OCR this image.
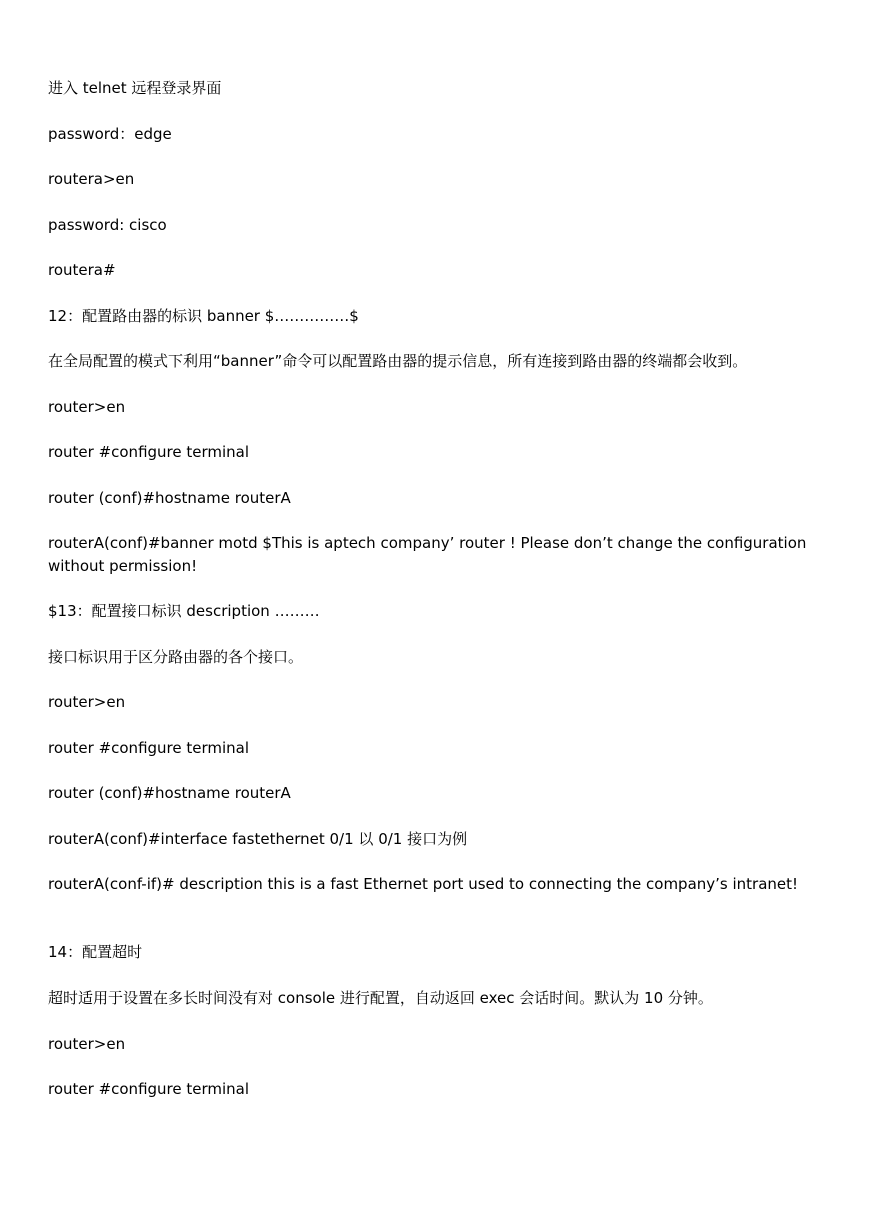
进入 telnet 远程登录界面
password：edge
routera>en
password: cisco
routera#
12：配置路由器的标识 banner $……………$
在全局配置的模式下利用“banner”命令可以配置路由器的提示信息，所有连接到路由器的终端都会收到。
router>en
router #configure terminal
router (conf)#hostname routerA
routerA(conf)#banner motd $This is aptech company’ router ! Please don’t change the configuration without permission!
$13：配置接口标识 description ………
接口标识用于区分路由器的各个接口。
router>en
router #configure terminal
router (conf)#hostname routerA
routerA(conf)#interface fastethernet 0/1 以 0/1 接口为例
routerA(conf-if)# description this is a fast Ethernet port used to connecting the company’s intranet!
14：配置超时
超时适用于设置在多长时间没有对 console 进行配置，自动返回 exec 会话时间。默认为 10 分钟。
router>en
router #configure terminal
